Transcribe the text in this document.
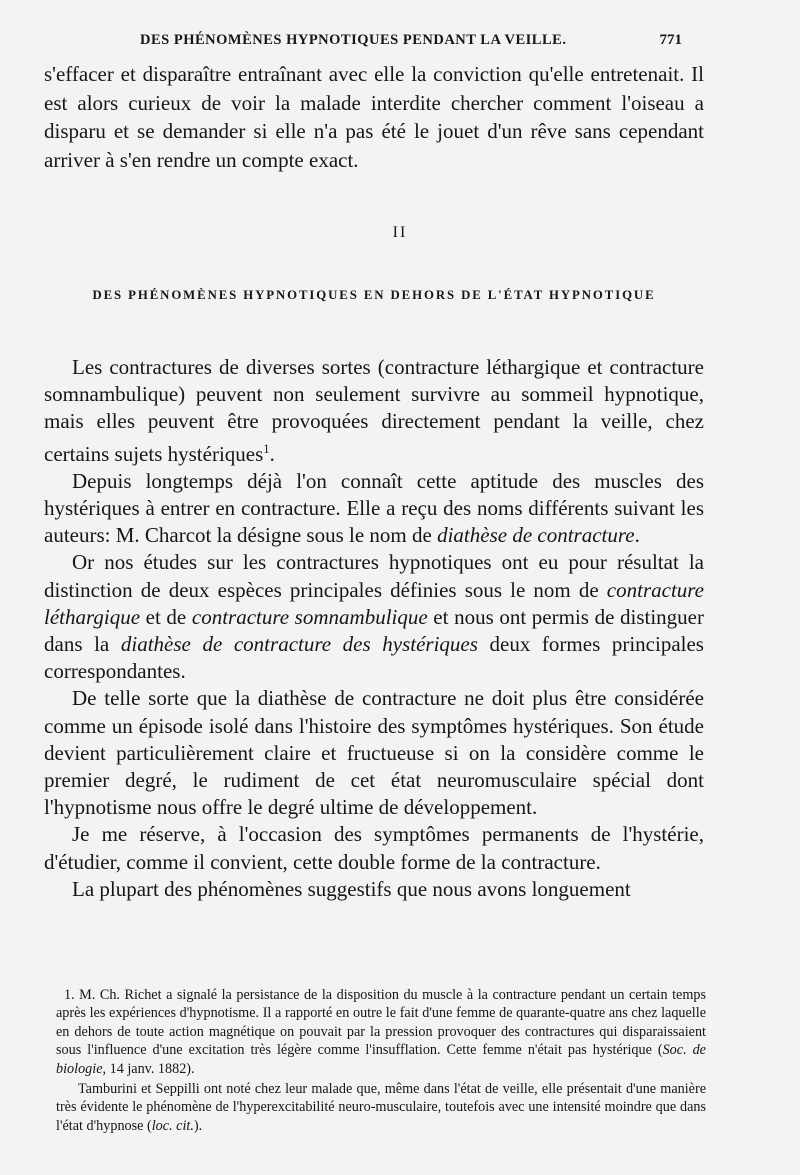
DES PHÉNOMÈNES HYPNOTIQUES PENDANT LA VEILLE.	771

s'effacer et disparaître entraînant avec elle la conviction qu'elle entretenait. Il est alors curieux de voir la malade interdite chercher comment l'oiseau a disparu et se demander si elle n'a pas été le jouet d'un rêve sans cependant arriver à s'en rendre un compte exact.

II
DES PHÉNOMÈNES HYPNOTIQUES EN DEHORS DE L'ÉTAT HYPNOTIQUE

Les contractures de diverses sortes (contracture léthargique et contracture somnambulique) peuvent non seulement survivre au sommeil hypnotique, mais elles peuvent être provoquées directement pendant la veille, chez certains sujets hystériques$^1$.

Depuis longtemps déjà l'on connaît cette aptitude des muscles des hystériques à entrer en contracture. Elle a reçu des noms différents suivant les auteurs: M. Charcot la désigne sous le nom de diathèse de contracture.

Or nos études sur les contractures hypnotiques ont eu pour résultat la distinction de deux espèces principales définies sous le nom de contracture léthargique et de contracture somnambulique et nous ont permis de distinguer dans la diathèse de contracture des hystériques deux formes principales correspondantes.

De telle sorte que la diathèse de contracture ne doit plus être considérée comme un épisode isolé dans l'histoire des symptômes hystériques. Son étude devient particulièrement claire et fructueuse si on la considère comme le premier degré, le rudiment de cet état neuromusculaire spécial dont l'hypnotisme nous offre le degré ultime de développement.

Je me réserve, à l'occasion des symptômes permanents de l'hystérie, d'étudier, comme il convient, cette double forme de la contracture.

La plupart des phénomènes suggestifs que nous avons longuement

1. M. Ch. Richet a signalé la persistance de la disposition du muscle à la contracture pendant un certain temps après les expériences d'hypnotisme. Il a rapporté en outre le fait d'une femme de quarante-quatre ans chez laquelle en dehors de toute action magnétique on pouvait par la pression provoquer des contractures qui disparaissaient sous l'influence d'une excitation très légère comme l'insufflation. Cette femme n'était pas hystérique (Soc. de biologie, 14 janv. 1882).

Tamburini et Seppilli ont noté chez leur malade que, même dans l'état de veille, elle présentait d'une manière très évidente le phénomène de l'hyperexcitabilité neuro-musculaire, toutefois avec une intensité moindre que dans l'état d'hypnose (loc. cit.).
